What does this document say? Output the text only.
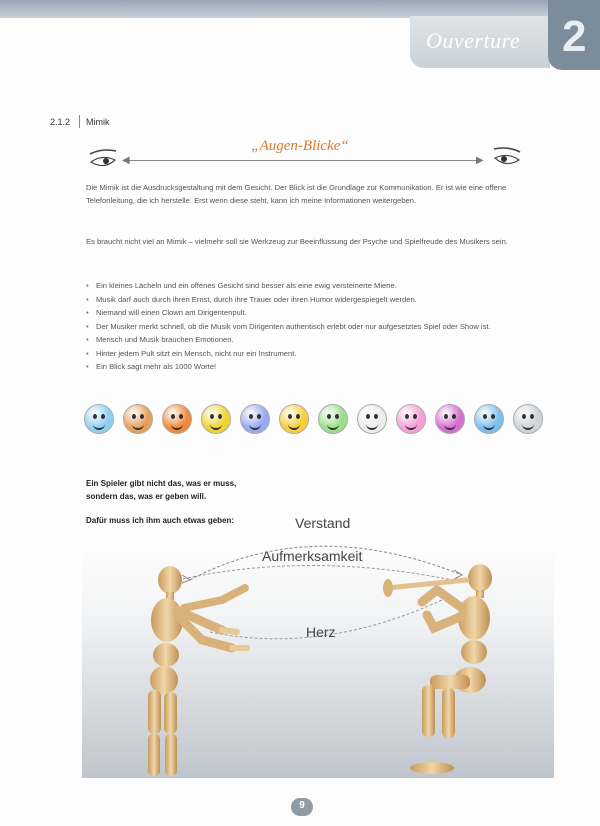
Ouverture 2
2.1.2 Mimik
◀	▶
„Augen-Blicke“
Die Mimik ist die Ausdrucksgestaltung mit dem Gesicht. Der Blick ist die Grundlage zur Kommunikation. Er ist wie eine offene Telefonleitung, die ich herstelle. Erst wenn diese steht, kann ich meine Informationen weitergeben.
Es braucht nicht viel an Mimik – vielmehr soll sie Werkzeug zur Beeinflussung der Psyche und Spielfreude des Musikers sein.
• Ein kleines Lächeln und ein offenes Gesicht sind besser als eine ewig versteinerte Miene.
• Musik darf auch durch ihren Ernst, durch ihre Trauer oder ihren Humor widergespiegelt werden.
• Niemand will einen Clown am Dirigentenpult.
• Der Musiker merkt schnell, ob die Musik vom Dirigenten authentisch erlebt oder nur aufgesetztes Spiel oder Show ist.
• Mensch und Musik brauchen Emotionen.
• Hinter jedem Pult sitzt ein Mensch, nicht nur ein Instrument.
• Ein Blick sagt mehr als 1000 Worte!
Ein Spieler gibt nicht das, was er muss,
sondern das, was er geben will.
Dafür muss ich ihm auch etwas geben:	Verstand
Aufmerksamkeit
Herz
9
